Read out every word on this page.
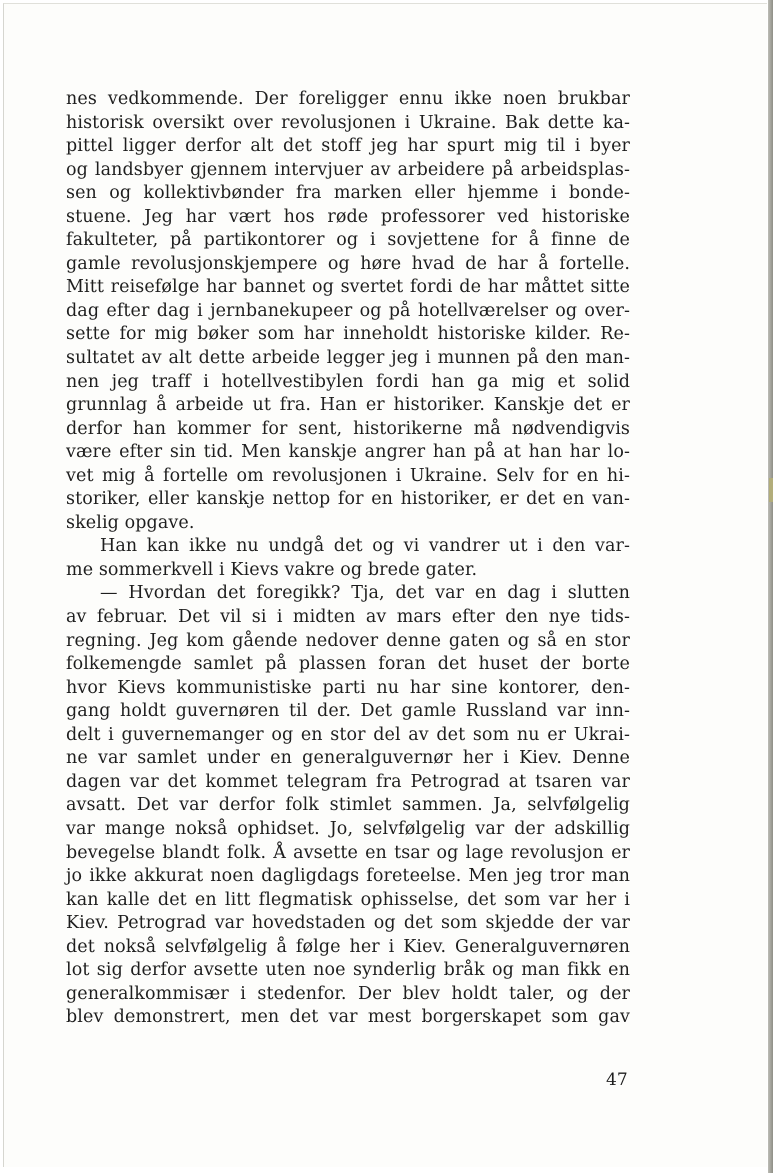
nes vedkommende. Der foreligger ennu ikke noen brukbar
historisk oversikt over revolusjonen i Ukraine. Bak dette ka-
pittel ligger derfor alt det stoff jeg har spurt mig til i byer
og landsbyer gjennem intervjuer av arbeidere på arbeidsplas-
sen og kollektivbønder fra marken eller hjemme i bonde-
stuene. Jeg har vært hos røde professorer ved historiske
fakulteter, på partikontorer og i sovjettene for å finne de
gamle revolusjonskjempere og høre hvad de har å fortelle.
Mitt reisefølge har bannet og svertet fordi de har måttet sitte
dag efter dag i jernbanekupeer og på hotellværelser og over-
sette for mig bøker som har inneholdt historiske kilder. Re-
sultatet av alt dette arbeide legger jeg i munnen på den man-
nen jeg traff i hotellvestibylen fordi han ga mig et solid
grunnlag å arbeide ut fra. Han er historiker. Kanskje det er
derfor han kommer for sent, historikerne må nødvendigvis
være efter sin tid. Men kanskje angrer han på at han har lo-
vet mig å fortelle om revolusjonen i Ukraine. Selv for en hi-
storiker, eller kanskje nettop for en historiker, er det en van-
skelig opgave.
Han kan ikke nu undgå det og vi vandrer ut i den var-
me sommerkvell i Kievs vakre og brede gater.
— Hvordan det foregikk? Tja, det var en dag i slutten
av februar. Det vil si i midten av mars efter den nye tids-
regning. Jeg kom gående nedover denne gaten og så en stor
folkemengde samlet på plassen foran det huset der borte
hvor Kievs kommunistiske parti nu har sine kontorer, den-
gang holdt guvernøren til der. Det gamle Russland var inn-
delt i guvernemanger og en stor del av det som nu er Ukrai-
ne var samlet under en generalguvernør her i Kiev. Denne
dagen var det kommet telegram fra Petrograd at tsaren var
avsatt. Det var derfor folk stimlet sammen. Ja, selvfølgelig
var mange nokså ophidset. Jo, selvfølgelig var der adskillig
bevegelse blandt folk. Å avsette en tsar og lage revolusjon er
jo ikke akkurat noen dagligdags foreteelse. Men jeg tror man
kan kalle det en litt flegmatisk ophisselse, det som var her i
Kiev. Petrograd var hovedstaden og det som skjedde der var
det nokså selvfølgelig å følge her i Kiev. Generalguvernøren
lot sig derfor avsette uten noe synderlig bråk og man fikk en
generalkommisær i stedenfor. Der blev holdt taler, og der
blev demonstrert, men det var mest borgerskapet som gav
47
